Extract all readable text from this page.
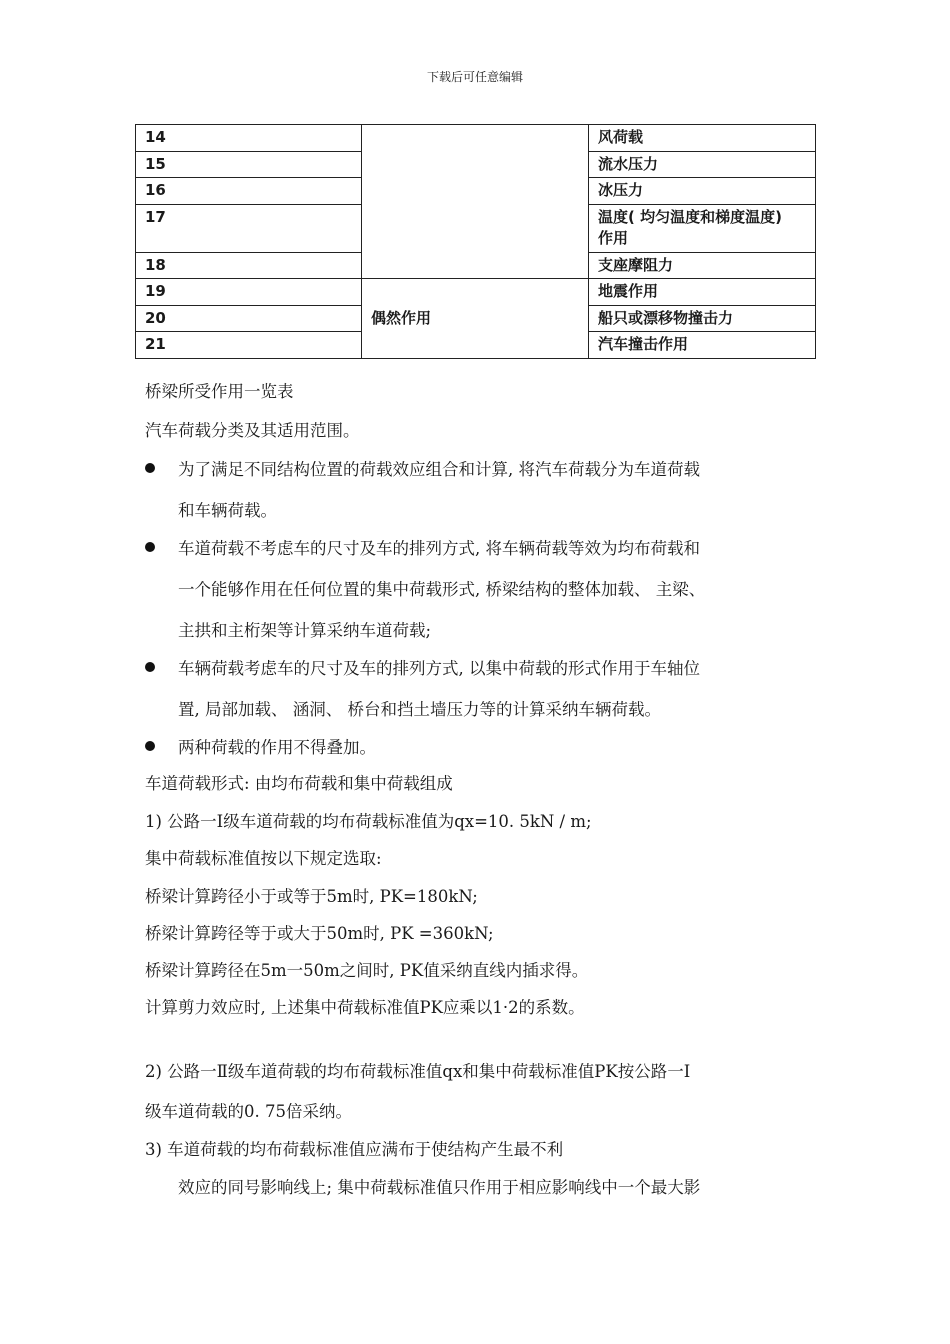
下载后可任意编辑
14		风荷载
15		流水压力
16		冰压力
17		温度( 均匀温度和梯度温度)
作用

18		支座摩阻力
19	偶然作用	地震作用
20		船只或漂移物撞击力
21		汽车撞击作用
桥梁所受作用一览表
汽车荷载分类及其适用范围。
为了满足不同结构位置的荷载效应组合和计算, 将汽车荷载分为车道荷载
和车辆荷载。
车道荷载不考虑车的尺寸及车的排列方式, 将车辆荷载等效为均布荷载和
一个能够作用在任何位置的集中荷载形式, 桥梁结构的整体加载、 主梁、
主拱和主桁架等计算采纳车道荷载;
车辆荷载考虑车的尺寸及车的排列方式, 以集中荷载的形式作用于车轴位
置, 局部加载、 涵洞、 桥台和挡土墙压力等的计算采纳车辆荷载。
两种荷载的作用不得叠加。
车道荷载形式: 由均布荷载和集中荷载组成
1) 公路一Ⅰ级车道荷载的均布荷载标准值为qx=10. 5kN / m;
集中荷载标准值按以下规定选取:
桥梁计算跨径小于或等于5m时, PK=180kN;
桥梁计算跨径等于或大于50m时, PK =360kN;
桥梁计算跨径在5m一50m之间时, PK值采纳直线内插求得。
计算剪力效应时, 上述集中荷载标准值PK应乘以1·2的系数。
2) 公路一Ⅱ级车道荷载的均布荷载标准值qx和集中荷载标准值PK按公路一Ⅰ
级车道荷载的0. 75倍采纳。
3) 车道荷载的均布荷载标准值应满布于使结构产生最不利
效应的同号影响线上; 集中荷载标准值只作用于相应影响线中一个最大影
